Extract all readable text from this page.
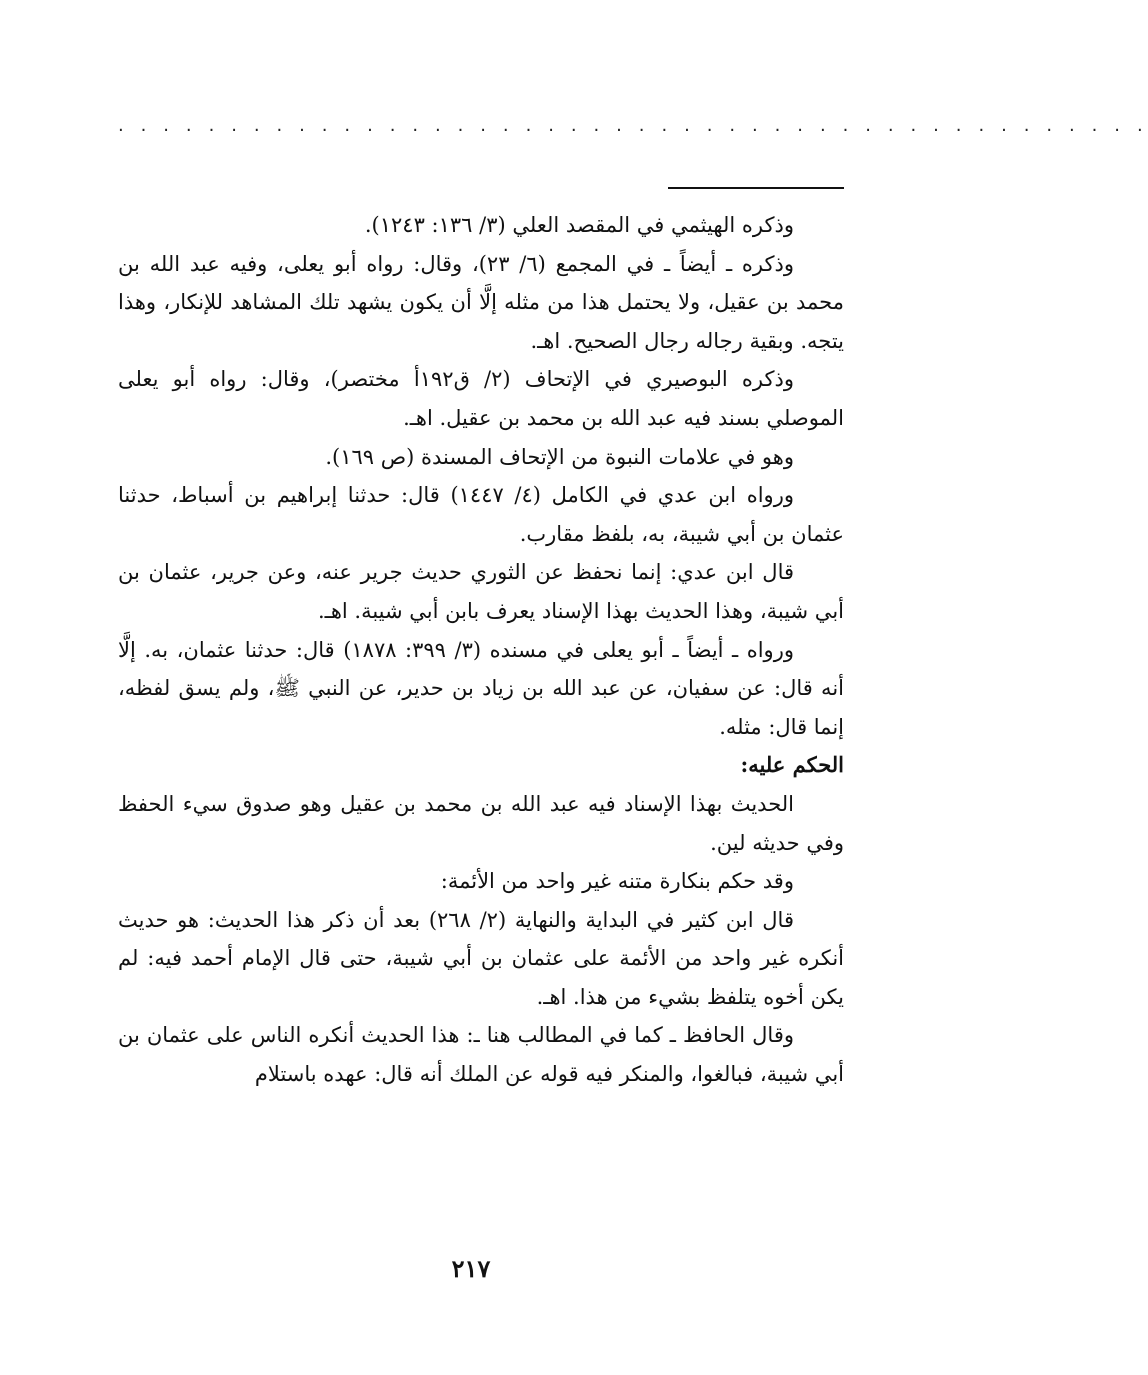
. . . . . . . . . . . . . . . . . . . . . . . . . . . . . . . . . . . . . . . . . . . . . .

وذكره الهيثمي في المقصد العلي (٣/ ١٣٦: ١٢٤٣).

وذكره ـ أيضاً ـ في المجمع (٦/ ٢٣)، وقال: رواه أبو يعلى، وفيه عبد الله بن محمد بن عقيل، ولا يحتمل هذا من مثله إلَّا أن يكون يشهد تلك المشاهد للإنكار، وهذا يتجه. وبقية رجاله رجال الصحيح. اهـ.

وذكره البوصيري في الإتحاف (٢/ ق١٩٢أ مختصر)، وقال: رواه أبو يعلى الموصلي بسند فيه عبد الله بن محمد بن عقيل. اهـ.

وهو في علامات النبوة من الإتحاف المسندة (ص ١٦٩).

ورواه ابن عدي في الكامل (٤/ ١٤٤٧) قال: حدثنا إبراهيم بن أسباط، حدثنا عثمان بن أبي شيبة، به، بلفظ مقارب.

قال ابن عدي: إنما نحفظ عن الثوري حديث جرير عنه، وعن جرير، عثمان بن أبي شيبة، وهذا الحديث بهذا الإسناد يعرف بابن أبي شيبة. اهـ.

ورواه ـ أيضاً ـ أبو يعلى في مسنده (٣/ ٣٩٩: ١٨٧٨) قال: حدثنا عثمان، به. إلَّا أنه قال: عن سفيان، عن عبد الله بن زياد بن حدير، عن النبي ﷺ، ولم يسق لفظه، إنما قال: مثله.

الحكم عليه:

الحديث بهذا الإسناد فيه عبد الله بن محمد بن عقيل وهو صدوق سيء الحفظ وفي حديثه لين.

وقد حكم بنكارة متنه غير واحد من الأئمة:

قال ابن كثير في البداية والنهاية (٢/ ٢٦٨) بعد أن ذكر هذا الحديث: هو حديث أنكره غير واحد من الأئمة على عثمان بن أبي شيبة، حتى قال الإمام أحمد فيه: لم يكن أخوه يتلفظ بشيء من هذا. اهـ.

وقال الحافظ ـ كما في المطالب هنا ـ: هذا الحديث أنكره الناس على عثمان بن أبي شيبة، فبالغوا، والمنكر فيه قوله عن الملك أنه قال: عهده باستلام

٢١٧
